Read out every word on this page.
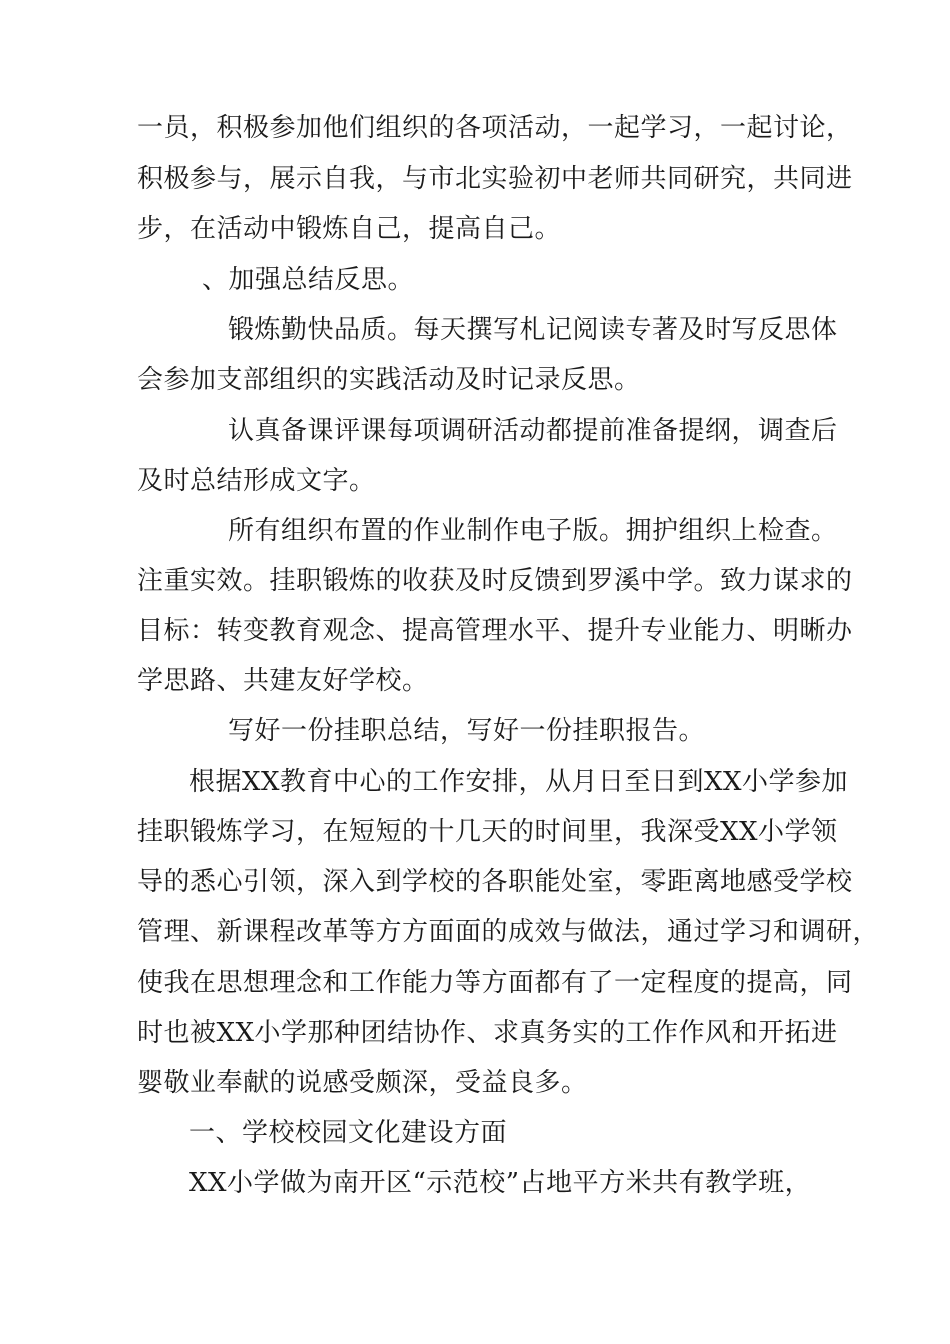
一员，积极参加他们组织的各项活动，一起学习，一起讨论，
积极参与，展示自我，与市北实验初中老师共同研究，共同进
步，在活动中锻炼自己，提高自己。
、加强总结反思。
锻炼勤快品质。每天撰写札记阅读专著及时写反思体
会参加支部组织的实践活动及时记录反思。
认真备课评课每项调研活动都提前准备提纲，调查后
及时总结形成文字。
所有组织布置的作业制作电子版。拥护组织上检查。
注重实效。挂职锻炼的收获及时反馈到罗溪中学。致力谋求的
目标：转变教育观念、提高管理水平、提升专业能力、明晰办
学思路、共建友好学校。
写好一份挂职总结，写好一份挂职报告。
根据XX教育中心的工作安排，从月日至日到XX小学参加
挂职锻炼学习，在短短的十几天的时间里，我深受XX小学领
导的悉心引领，深入到学校的各职能处室，零距离地感受学校
管理、新课程改革等方方面面的成效与做法，通过学习和调研，
使我在思想理念和工作能力等方面都有了一定程度的提高，同
时也被XX小学那种团结协作、求真务实的工作作风和开拓进
婴敬业奉献的说感受颇深，受益良多。
一、学校校园文化建设方面
XX小学做为南开区“示范校”占地平方米共有教学班，
